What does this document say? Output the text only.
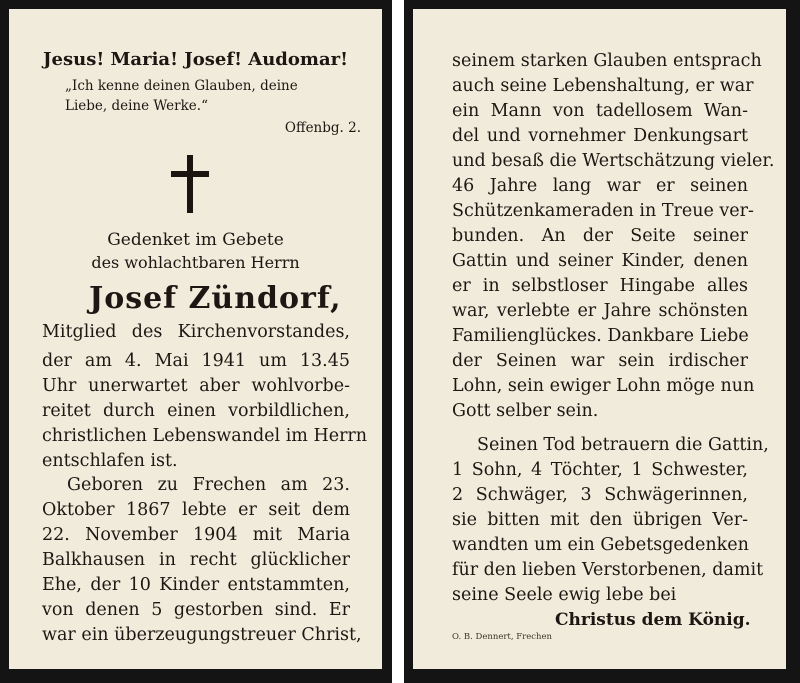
Jesus! Maria! Josef! Audomar!
„Ich kenne deinen Glauben, deine
Liebe, deine Werke.“
Offenbg. 2.
Gedenket im Gebete
des wohlachtbaren Herrn
Josef Zündorf,
Mitglied des Kirchenvorstandes,
der am 4. Mai 1941 um 13.45
Uhr unerwartet aber wohlvorbe-
reitet durch einen vorbildlichen,
christlichen Lebenswandel im Herrn
entschlafen ist.
Geboren zu Frechen am 23.
Oktober 1867 lebte er seit dem
22. November 1904 mit Maria
Balkhausen in recht glücklicher
Ehe, der 10 Kinder entstammten,
von denen 5 gestorben sind. Er
war ein überzeugungstreuer Christ,
seinem starken Glauben entsprach
auch seine Lebenshaltung, er war
ein Mann von tadellosem Wan-
del und vornehmer Denkungsart
und besaß die Wertschätzung vieler.
46 Jahre lang war er seinen
Schützenkameraden in Treue ver-
bunden. An der Seite seiner
Gattin und seiner Kinder, denen
er in selbstloser Hingabe alles
war, verlebte er Jahre schönsten
Familienglückes. Dankbare Liebe
der Seinen war sein irdischer
Lohn, sein ewiger Lohn möge nun
Gott selber sein.
Seinen Tod betrauern die Gattin,
1 Sohn, 4 Töchter, 1 Schwester,
2 Schwäger, 3 Schwägerinnen,
sie bitten mit den übrigen Ver-
wandten um ein Gebetsgedenken
für den lieben Verstorbenen, damit
seine Seele ewig lebe bei
Christus dem König.
O. B. Dennert, Frechen
